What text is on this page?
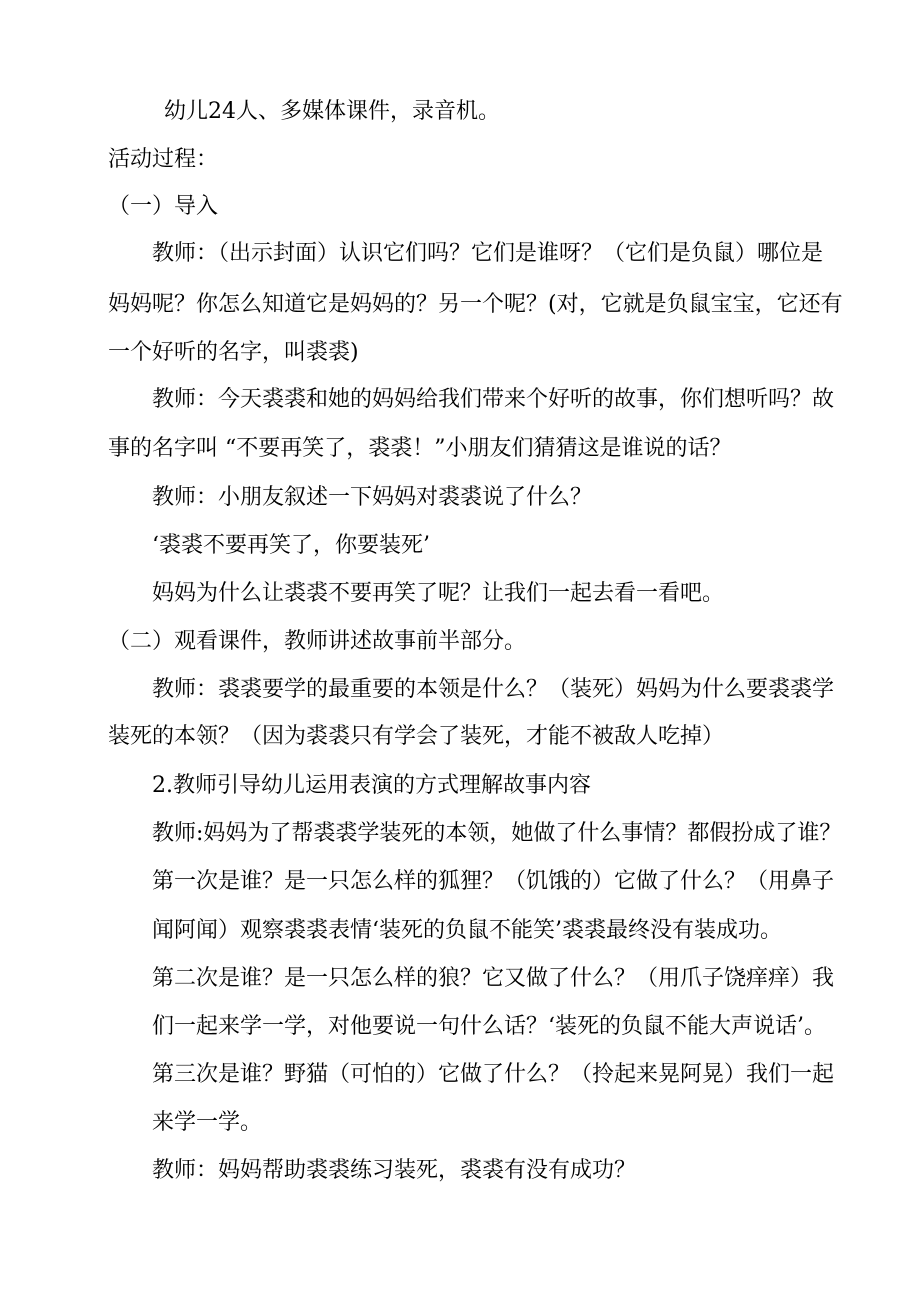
幼儿24人、多媒体课件，录音机。
活动过程：
（一）导入
教师：（出示封面）认识它们吗？它们是谁呀？（它们是负鼠）哪位是
妈妈呢？你怎么知道它是妈妈的？另一个呢？(对，它就是负鼠宝宝，它还有
一个好听的名字，叫裘裘)
教师：今天裘裘和她的妈妈给我们带来个好听的故事，你们想听吗？故
事的名字叫 “不要再笑了，裘裘！”小朋友们猜猜这是谁说的话？
教师：小朋友叙述一下妈妈对裘裘说了什么？
‘裘裘不要再笑了，你要装死’
妈妈为什么让裘裘不要再笑了呢？让我们一起去看一看吧。
（二）观看课件，教师讲述故事前半部分。
教师：裘裘要学的最重要的本领是什么？（装死）妈妈为什么要裘裘学
装死的本领？（因为裘裘只有学会了装死，才能不被敌人吃掉）
2.教师引导幼儿运用表演的方式理解故事内容
教师:妈妈为了帮裘裘学装死的本领，她做了什么事情？都假扮成了谁？
第一次是谁？是一只怎么样的狐狸？（饥饿的）它做了什么？（用鼻子
闻阿闻）观察裘裘表情‘装死的负鼠不能笑’裘裘最终没有装成功。
第二次是谁？是一只怎么样的狼？它又做了什么？（用爪子饶痒痒）我
们一起来学一学，对他要说一句什么话？‘装死的负鼠不能大声说话’。
第三次是谁？野猫（可怕的）它做了什么？（拎起来晃阿晃）我们一起
来学一学。
教师：妈妈帮助裘裘练习装死，裘裘有没有成功？
